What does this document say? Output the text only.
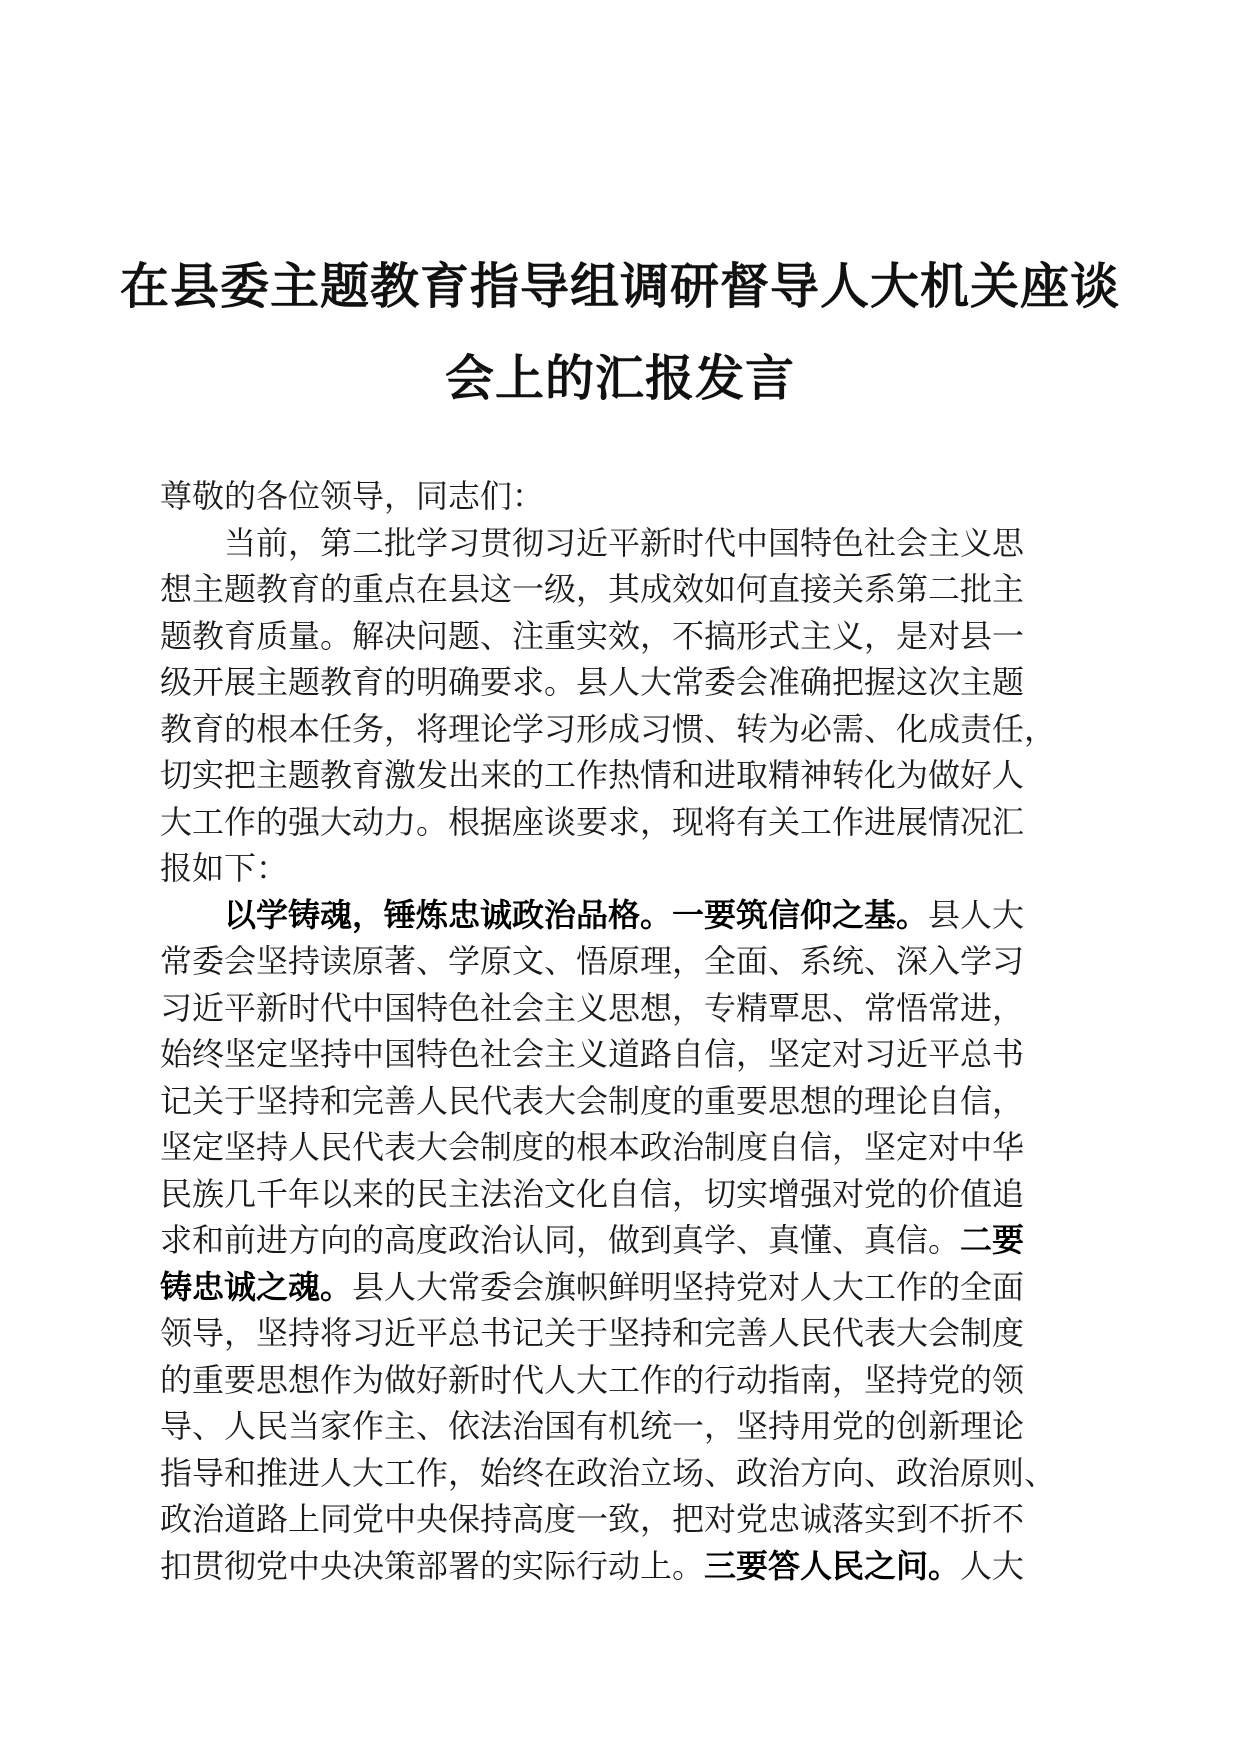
在县委主题教育指导组调研督导人大机关座谈
会上的汇报发言
尊敬的各位领导，同志们：
当前，第二批学习贯彻习近平新时代中国特色社会主义思
想主题教育的重点在县这一级，其成效如何直接关系第二批主
题教育质量。解决问题、注重实效，不搞形式主义，是对县一
级开展主题教育的明确要求。县人大常委会准确把握这次主题
教育的根本任务，将理论学习形成习惯、转为必需、化成责任，
切实把主题教育激发出来的工作热情和进取精神转化为做好人
大工作的强大动力。根据座谈要求，现将有关工作进展情况汇
报如下：
以学铸魂，锤炼忠诚政治品格。一要筑信仰之基。县人大
常委会坚持读原著、学原文、悟原理，全面、系统、深入学习
习近平新时代中国特色社会主义思想，专精覃思、常悟常进，
始终坚定坚持中国特色社会主义道路自信，坚定对习近平总书
记关于坚持和完善人民代表大会制度的重要思想的理论自信，
坚定坚持人民代表大会制度的根本政治制度自信，坚定对中华
民族几千年以来的民主法治文化自信，切实增强对党的价值追
求和前进方向的高度政治认同，做到真学、真懂、真信。二要
铸忠诚之魂。县人大常委会旗帜鲜明坚持党对人大工作的全面
领导，坚持将习近平总书记关于坚持和完善人民代表大会制度
的重要思想作为做好新时代人大工作的行动指南，坚持党的领
导、人民当家作主、依法治国有机统一，坚持用党的创新理论
指导和推进人大工作，始终在政治立场、政治方向、政治原则、
政治道路上同党中央保持高度一致，把对党忠诚落实到不折不
扣贯彻党中央决策部署的实际行动上。三要答人民之问。人大
